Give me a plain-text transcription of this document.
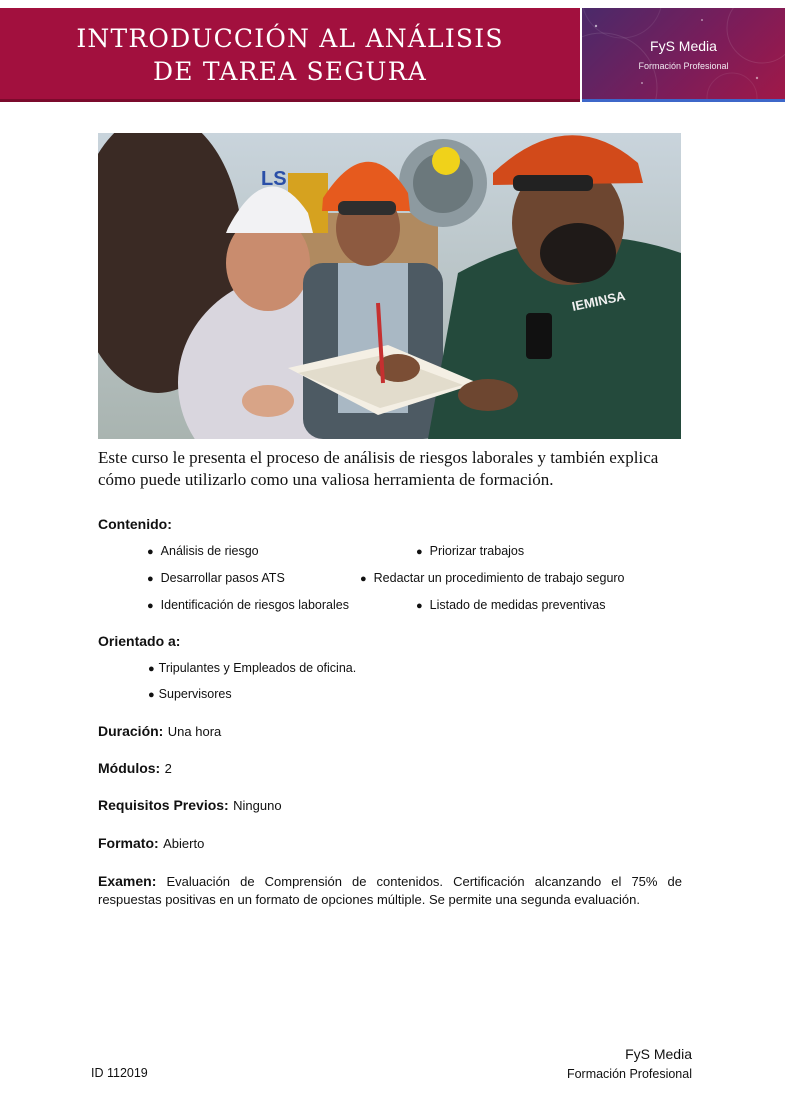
INTRODUCCIÓN AL ANÁLISIS
DE TAREA SEGURA
FyS Media
Formación Profesional
LS
IEMINSA
Este curso le presenta el proceso de análisis de riesgos laborales y también explica cómo puede utilizarlo como una valiosa herramienta de formación.
Contenido:
● Análisis de riesgo	● Priorizar trabajos
● Desarrollar pasos ATS	● Redactar un procedimiento de trabajo seguro
● Identificación de riesgos laborales	● Listado de medidas preventivas
Orientado a:
● Tripulantes y Empleados de oficina.
● Supervisores
Duración: Una hora
Módulos: 2
Requisitos Previos: Ninguno
Formato: Abierto
Examen: Evaluación de Comprensión de contenidos. Certificación alcanzando el 75% de respuestas positivas en un formato de opciones múltiple. Se permite una segunda evaluación.
ID 112019
FyS Media
Formación Profesional
